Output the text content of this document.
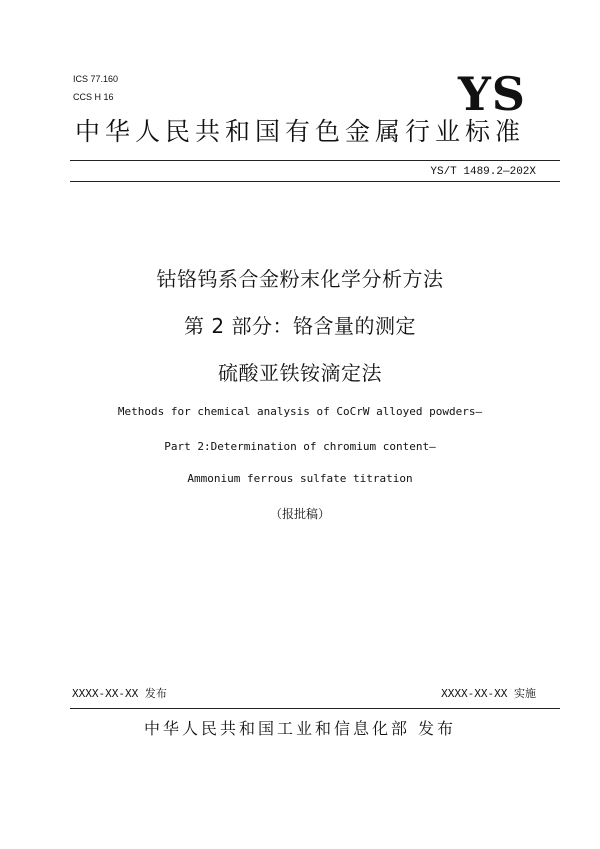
ICS 77.160
CCS H 16	YS
中华人民共和国有色金属行业标准
YS/T 1489.2—202X
钴铬钨系合金粉末化学分析方法
第 2 部分：铬含量的测定
硫酸亚铁铵滴定法
Methods for chemical analysis of CoCrW alloyed powders—
Part 2:Determination of chromium content—
Ammonium ferrous sulfate titration
（报批稿）
XXXX-XX-XX 发布	XXXX-XX-XX 实施
中华人民共和国工业和信息化部 发布
